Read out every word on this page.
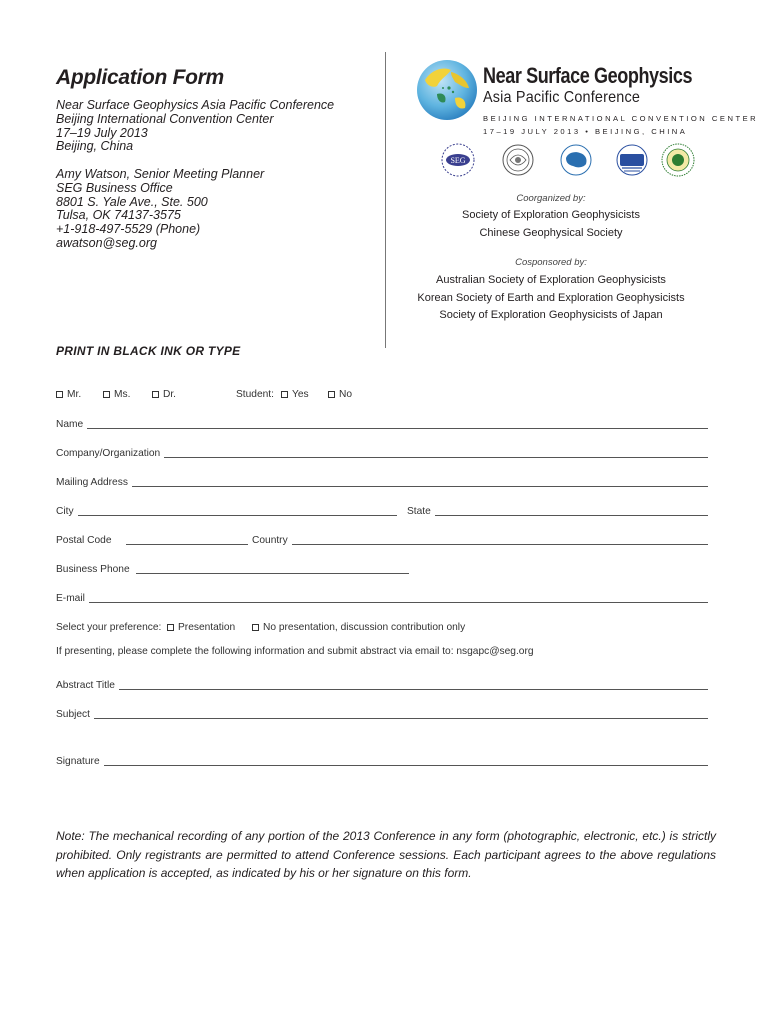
Application Form
Near Surface Geophysics Asia Pacific Conference
Beijing International Convention Center
17–19 July 2013
Beijing, China
Amy Watson, Senior Meeting Planner
SEG Business Office
8801 S. Yale Ave., Ste. 500
Tulsa, OK 74137-3575
+1-918-497-5529 (Phone)
awatson@seg.org
Near Surface Geophysics
Asia Pacific Conference
BEIJING INTERNATIONAL CONVENTION CENTER
17–19 JULY 2013 • BEIJING, CHINA
SEG
Coorganized by:
Society of Exploration Geophysicists
Chinese Geophysical Society
Cosponsored by:
Australian Society of Exploration Geophysicists
Korean Society of Earth and Exploration Geophysicists
Society of Exploration Geophysicists of Japan
PRINT IN BLACK INK OR TYPE
Mr.	Ms.	Dr.	Student: Yes	No
Name
Company/Organization
Mailing Address
City	State
Postal Code	Country
Business Phone
E-mail
Select your preference: Presentation	No presentation, discussion contribution only
If presenting, please complete the following information and submit abstract via email to: nsgapc@seg.org
Abstract Title
Subject
Signature
Note: The mechanical recording of any portion of the 2013 Conference in any form (photographic, electronic, etc.) is strictly prohibited. Only registrants are permitted to attend Conference sessions. Each participant agrees to the above regulations when application is accepted, as indicated by his or her signature on this form.
